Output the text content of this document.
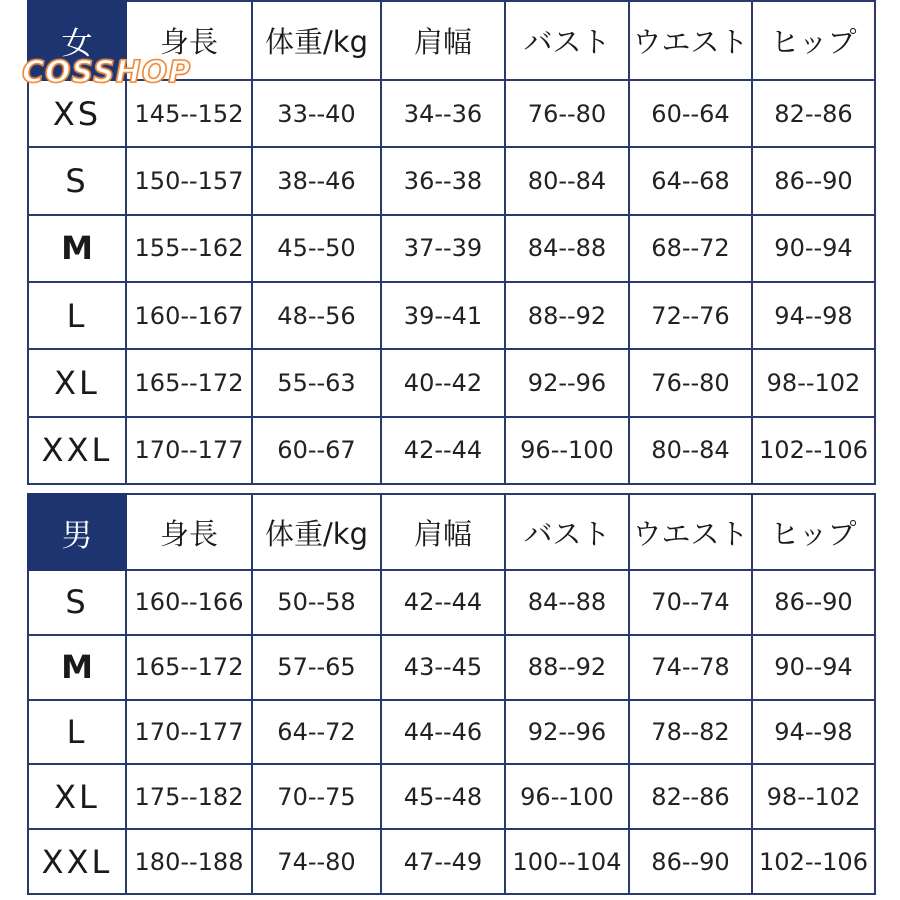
女	身長	体重/kg	肩幅	バスト	ウエスト	ヒップ
XS	145--152	33--40	34--36	76--80	60--64	82--86
S	150--157	38--46	36--38	80--84	64--68	86--90
M	155--162	45--50	37--39	84--88	68--72	90--94
L	160--167	48--56	39--41	88--92	72--76	94--98
XL	165--172	55--63	40--42	92--96	76--80	98--102
XXL	170--177	60--67	42--44	96--100	80--84	102--106
男	身長	体重/kg	肩幅	バスト	ウエスト	ヒップ
S	160--166	50--58	42--44	84--88	70--74	86--90
M	165--172	57--65	43--45	88--92	74--78	90--94
L	170--177	64--72	44--46	92--96	78--82	94--98
XL	175--182	70--75	45--48	96--100	82--86	98--102
XXL	180--188	74--80	47--49	100--104	86--90	102--106
COSSHOP
